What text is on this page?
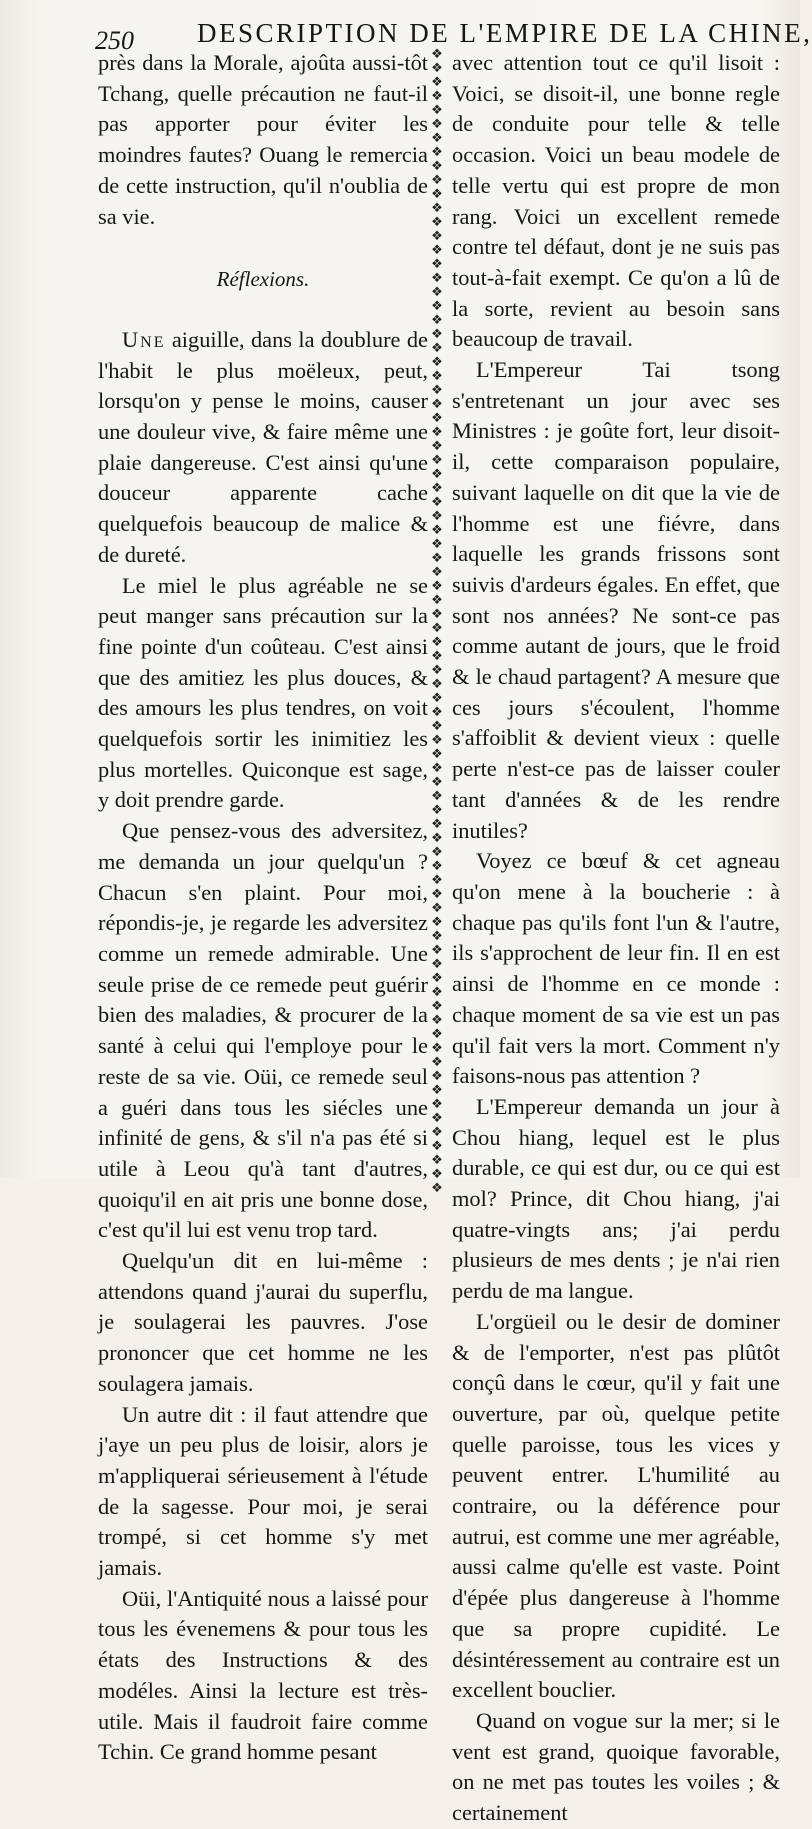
250 DESCRIPTION DE L'EMPIRE DE LA CHINE,

près dans la Morale, ajoûta aussi-tôt Tchang, quelle précaution ne faut-il pas apporter pour éviter les moindres fautes? Ouang le remercia de cette instruction, qu'il n'oublia de sa vie.

Réflexions.

Une aiguille, dans la doublure de l'habit le plus moëleux, peut, lorsqu'on y pense le moins, causer une douleur vive, & faire même une plaie dangereuse. C'est ainsi qu'une douceur apparente cache quelquefois beaucoup de malice & de dureté.

Le miel le plus agréable ne se peut manger sans précaution sur la fine pointe d'un coûteau. C'est ainsi que des amitiez les plus douces, & des amours les plus tendres, on voit quelquefois sortir les inimitiez les plus mortelles. Quiconque est sage, y doit prendre garde.

Que pensez-vous des adversitez, me demanda un jour quelqu'un ? Chacun s'en plaint. Pour moi, répondis-je, je regarde les adversitez comme un remede admirable. Une seule prise de ce remede peut guérir bien des maladies, & procurer de la santé à celui qui l'employe pour le reste de sa vie. Oüi, ce remede seul a guéri dans tous les siécles une infinité de gens, & s'il n'a pas été si utile à Leou qu'à tant d'autres, quoiqu'il en ait pris une bonne dose, c'est qu'il lui est venu trop tard.

Quelqu'un dit en lui-même : attendons quand j'aurai du superflu, je soulagerai les pauvres. J'ose prononcer que cet homme ne les soulagera jamais.

Un autre dit : il faut attendre que j'aye un peu plus de loisir, alors je m'appliquerai sérieusement à l'étude de la sagesse. Pour moi, je serai trompé, si cet homme s'y met jamais.

Oüi, l'Antiquité nous a laissé pour tous les évenemens & pour tous les états des Instructions & des modéles. Ainsi la lecture est très-utile. Mais il faudroit faire comme Tchin. Ce grand homme pesant

❖❖❖❖❖❖❖❖❖❖❖❖❖❖❖❖❖❖❖❖❖❖❖❖❖❖❖❖❖❖❖❖❖❖❖❖❖❖❖❖❖❖❖❖❖❖❖❖❖❖❖❖❖❖❖❖❖❖❖❖❖❖❖❖❖❖❖❖❖❖❖❖❖❖❖❖❖❖❖❖❖❖

avec attention tout ce qu'il lisoit : Voici, se disoit-il, une bonne regle de conduite pour telle & telle occasion. Voici un beau modele de telle vertu qui est propre de mon rang. Voici un excellent remede contre tel défaut, dont je ne suis pas tout-à-fait exempt. Ce qu'on a lû de la sorte, revient au besoin sans beaucoup de travail.

L'Empereur Tai tsong s'entretenant un jour avec ses Ministres : je goûte fort, leur disoit-il, cette comparaison populaire, suivant laquelle on dit que la vie de l'homme est une fiévre, dans laquelle les grands frissons sont suivis d'ardeurs égales. En effet, que sont nos années? Ne sont-ce pas comme autant de jours, que le froid & le chaud partagent? A mesure que ces jours s'écoulent, l'homme s'affoiblit & devient vieux : quelle perte n'est-ce pas de laisser couler tant d'années & de les rendre inutiles?

Voyez ce bœuf & cet agneau qu'on mene à la boucherie : à chaque pas qu'ils font l'un & l'autre, ils s'approchent de leur fin. Il en est ainsi de l'homme en ce monde : chaque moment de sa vie est un pas qu'il fait vers la mort. Comment n'y faisons-nous pas attention ?

L'Empereur demanda un jour à Chou hiang, lequel est le plus durable, ce qui est dur, ou ce qui est mol? Prince, dit Chou hiang, j'ai quatre-vingts ans; j'ai perdu plusieurs de mes dents ; je n'ai rien perdu de ma langue.

L'orgüeil ou le desir de dominer & de l'emporter, n'est pas plûtôt conçû dans le cœur, qu'il y fait une ouverture, par où, quelque petite quelle paroisse, tous les vices y peuvent entrer. L'humilité au contraire, ou la déférence pour autrui, est comme une mer agréable, aussi calme qu'elle est vaste. Point d'épée plus dangereuse à l'homme que sa propre cupidité. Le désintéressement au contraire est un excellent bouclier.

Quand on vogue sur la mer; si le vent est grand, quoique favorable, on ne met pas toutes les voiles ; & certainement
